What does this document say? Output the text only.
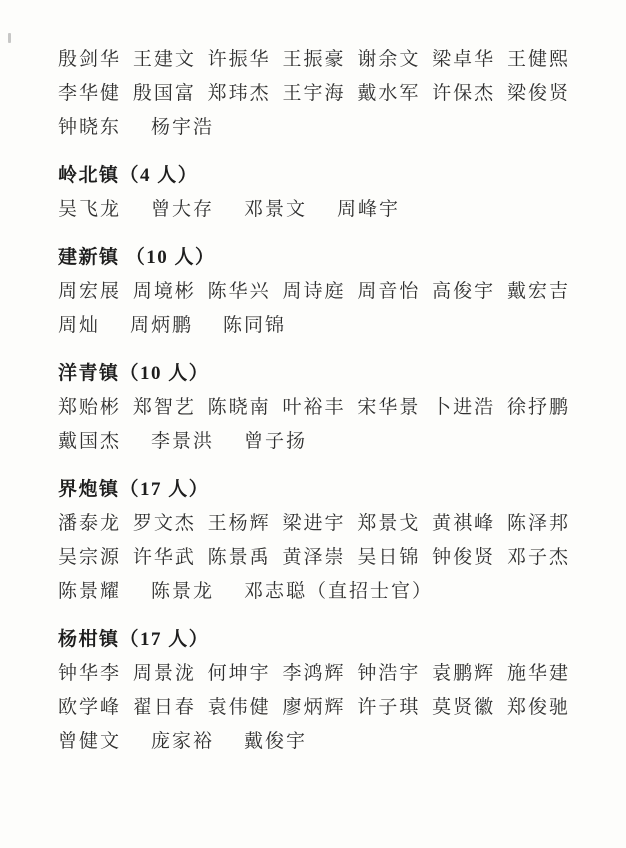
殷剑华 王建文 许振华 王振豪 谢余文 梁卓华 王健熙
李华健 殷国富 郑玮杰 王宇海 戴水军 许保杰 梁俊贤
钟晓东 杨宇浩
岭北镇（4 人）
吴飞龙 曾大存 邓景文 周峰宇
建新镇 （10 人）
周宏展 周境彬 陈华兴 周诗庭 周音怡 高俊宇 戴宏吉
周灿 周炳鹏 陈同锦
洋青镇（10 人）
郑贻彬 郑智艺 陈晓南 叶裕丰 宋华景 卜进浩 徐抒鹏
戴国杰 李景洪 曾子扬
界炮镇（17 人）
潘泰龙 罗文杰 王杨辉 梁进宇 郑景戈 黄祺峰 陈泽邦
吴宗源 许华武 陈景禹 黄泽崇 吴日锦 钟俊贤 邓子杰
陈景耀 陈景龙 邓志聪（直招士官）
杨柑镇（17 人）
钟华李 周景泷 何坤宇 李鸿辉 钟浩宇 袁鹏辉 施华建
欧学峰 翟日春 袁伟健 廖炳辉 许子琪 莫贤徽 郑俊驰
曾健文 庞家裕 戴俊宇
